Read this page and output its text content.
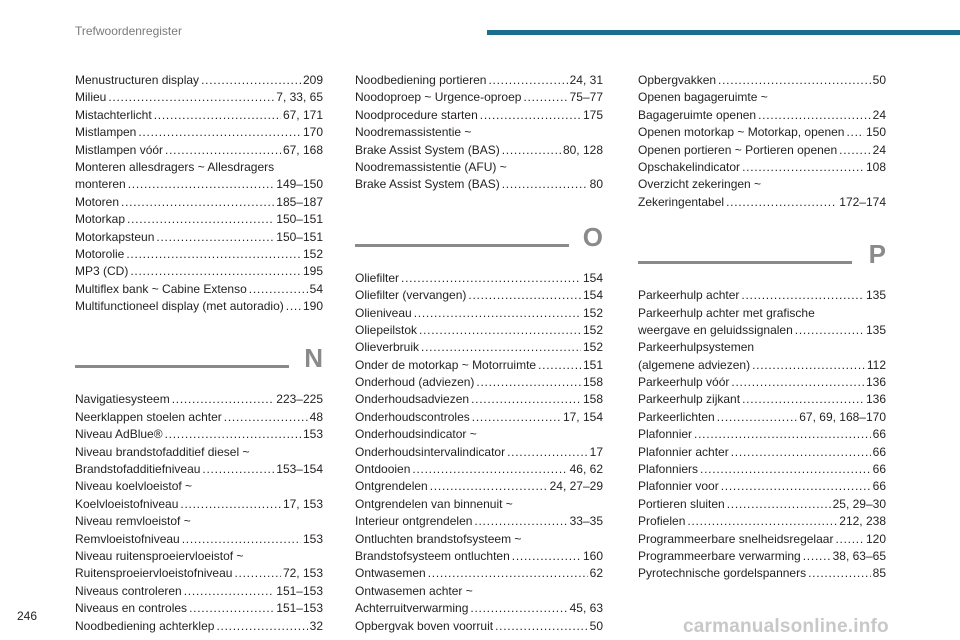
Trefwoordenregister
Menustructuren display . . .	209
Milieu . . .	7, 33, 65
Mistachterlicht . . .	67, 171
Mistlampen . . .	170
Mistlampen vóór . . .	67, 168
Monteren allesdragers ~ Allesdragers
monteren . . .	149–150
Motoren . . .	185–187
Motorkap . . .	150–151
Motorkapsteun . . .	150–151
Motorolie . . .	152
MP3 (CD) . . .	195
Multiflex bank ~ Cabine Extenso . . .	54
Multifunctioneel display (met autoradio) . . . 190
N
Navigatiesysteem . . .	223–225
Neerklappen stoelen achter . . .	48
Niveau AdBlue® . . .	153
Niveau brandstofadditief diesel ~
Brandstofadditiefniveau . . .	153–154
Niveau koelvloeistof ~
Koelvloeistofniveau . . .	17, 153
Niveau remvloeistof ~
Remvloeistofniveau . . .	153
Niveau ruitensproeiervloeistof ~
Ruitensproeiervloeistofniveau . . .	72, 153
Niveaus controleren . . .	151–153
Niveaus en controles . . .	151–153
Noodbediening achterklep . . .	32
Noodbediening portieren . . .	24, 31
Noodoproep ~ Urgence-oproep . . .	75–77
Noodprocedure starten . . .	175
Noodremassistentie ~
Brake Assist System (BAS) . . .	80, 128
Noodremassistentie (AFU) ~
Brake Assist System (BAS) . . .	80
O
Oliefilter . . .	154
Oliefilter (vervangen) . . .	154
Olieniveau . . .	152
Oliepeilstok . . .	152
Olieverbruik . . .	152
Onder de motorkap ~ Motorruimte . . .	151
Onderhoud (adviezen) . . .	158
Onderhoudsadviezen . . .	158
Onderhoudscontroles . . .	17, 154
Onderhoudsindicator ~
Onderhoudsintervalindicator . . .	17
Ontdooien . . .	46, 62
Ontgrendelen . . .	24, 27–29
Ontgrendelen van binnenuit ~
Interieur ontgrendelen . . .	33–35
Ontluchten brandstofsysteem ~
Brandstofsysteem ontluchten . . .	160
Ontwasemen . . .	62
Ontwasemen achter ~
Achterruitverwarming . . .	45, 63
Opbergvak boven voorruit . . .	50
Opbergvakken . . .	50
Openen bagageruimte ~
Bagageruimte openen . . .	24
Openen motorkap ~ Motorkap, openen . . . 150
Openen portieren ~ Portieren openen . . .	24
Opschakelindicator . . .	108
Overzicht zekeringen ~
Zekeringentabel . . .	172–174
P
Parkeerhulp achter . . .	135
Parkeerhulp achter met grafische
weergave en geluidssignalen . . .	135
Parkeerhulpsystemen
(algemene adviezen) . . .	112
Parkeerhulp vóór . . .	136
Parkeerhulp zijkant . . .	136
Parkeerlichten . . .	67, 69, 168–170
Plafonnier . . .	66
Plafonnier achter . . .	66
Plafonniers . . .	66
Plafonnier voor . . .	66
Portieren sluiten . . .	25, 29–30
Profielen . . .	212, 238
Programmeerbare snelheidsregelaar . . .	120
Programmeerbare verwarming . . .	38, 63–65
Pyrotechnische gordelspanners . . .	85
246	carmanualsonline.info
